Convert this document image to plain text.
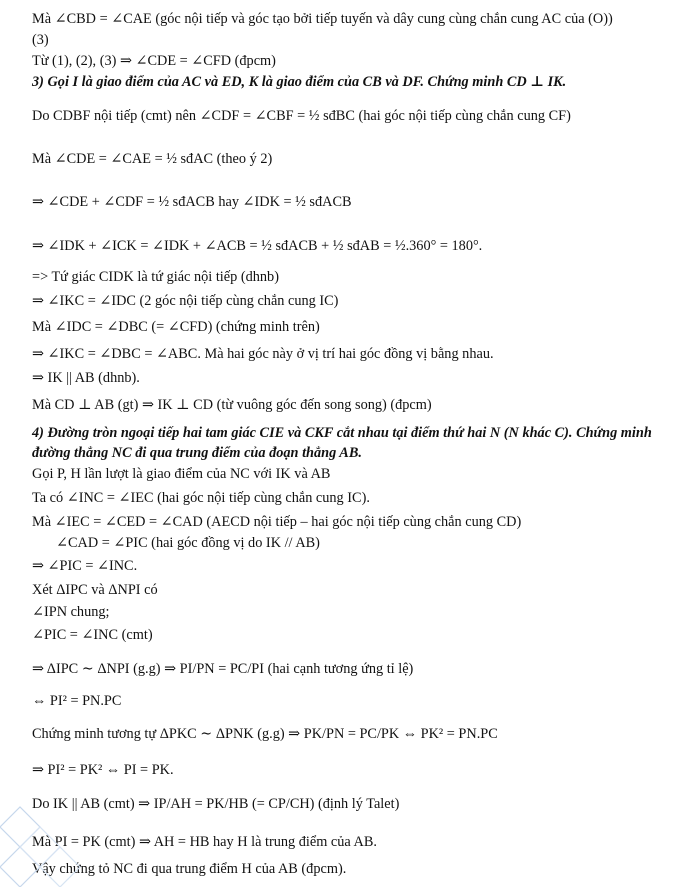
Mà ∠CBD = ∠CAE (góc nội tiếp và góc tạo bởi tiếp tuyến và dây cung cùng chắn cung AC của (O))
(3)
Từ (1), (2), (3) ⇒ ∠CDE = ∠CFD (đpcm)
3) Gọi I là giao điểm của AC và ED, K là giao điểm của CB và DF. Chứng minh CD ⊥ IK.
Do CDBF nội tiếp (cmt) nên ∠CDF = ∠CBF = ½ sđBC (hai góc nội tiếp cùng chắn cung CF)
Mà ∠CDE = ∠CAE = ½ sđAC (theo ý 2)
⇒ ∠CDE + ∠CDF = ½ sđACB hay ∠IDK = ½ sđACB
⇒ ∠IDK + ∠ICK = ∠IDK + ∠ACB = ½ sđACB + ½ sđAB = ½.360° = 180°.
=> Tứ giác CIDK là tứ giác nội tiếp (dhnb)
⇒ ∠IKC = ∠IDC (2 góc nội tiếp cùng chắn cung IC)
Mà ∠IDC = ∠DBC (= ∠CFD) (chứng minh trên)
⇒ ∠IKC = ∠DBC = ∠ABC. Mà hai góc này ở vị trí hai góc đồng vị bằng nhau.
⇒ IK || AB (dhnb).
Mà CD ⊥ AB (gt) ⇒ IK ⊥ CD (từ vuông góc đến song song) (đpcm)
4) Đường tròn ngoại tiếp hai tam giác CIE và CKF cắt nhau tại điểm thứ hai N (N khác C). Chứng minh
đường thẳng NC đi qua trung điểm của đoạn thẳng AB.
Gọi P, H lần lượt là giao điểm của NC với IK và AB
Ta có ∠INC = ∠IEC (hai góc nội tiếp cùng chắn cung IC).
Mà ∠IEC = ∠CED = ∠CAD (AECD nội tiếp – hai góc nội tiếp cùng chắn cung CD)
∠CAD = ∠PIC (hai góc đồng vị do IK // AB)
⇒ ∠PIC = ∠INC.
Xét ΔIPC và ΔNPI có
∠IPN chung;
∠PIC = ∠INC (cmt)
⇒ ΔIPC ∼ ΔNPI (g.g) ⇒ PI/PN = PC/PI (hai cạnh tương ứng tỉ lệ)
⇔ PI² = PN.PC
Chứng minh tương tự ΔPKC ∼ ΔPNK (g.g) ⇒ PK/PN = PC/PK ⇔ PK² = PN.PC
⇒ PI² = PK² ⇔ PI = PK.
Do IK || AB (cmt) ⇒ IP/AH = PK/HB (= CP/CH) (định lý Talet)
Mà PI = PK (cmt) ⇒ AH = HB hay H là trung điểm của AB.
Vậy chứng tỏ NC đi qua trung điểm H của AB (đpcm).
